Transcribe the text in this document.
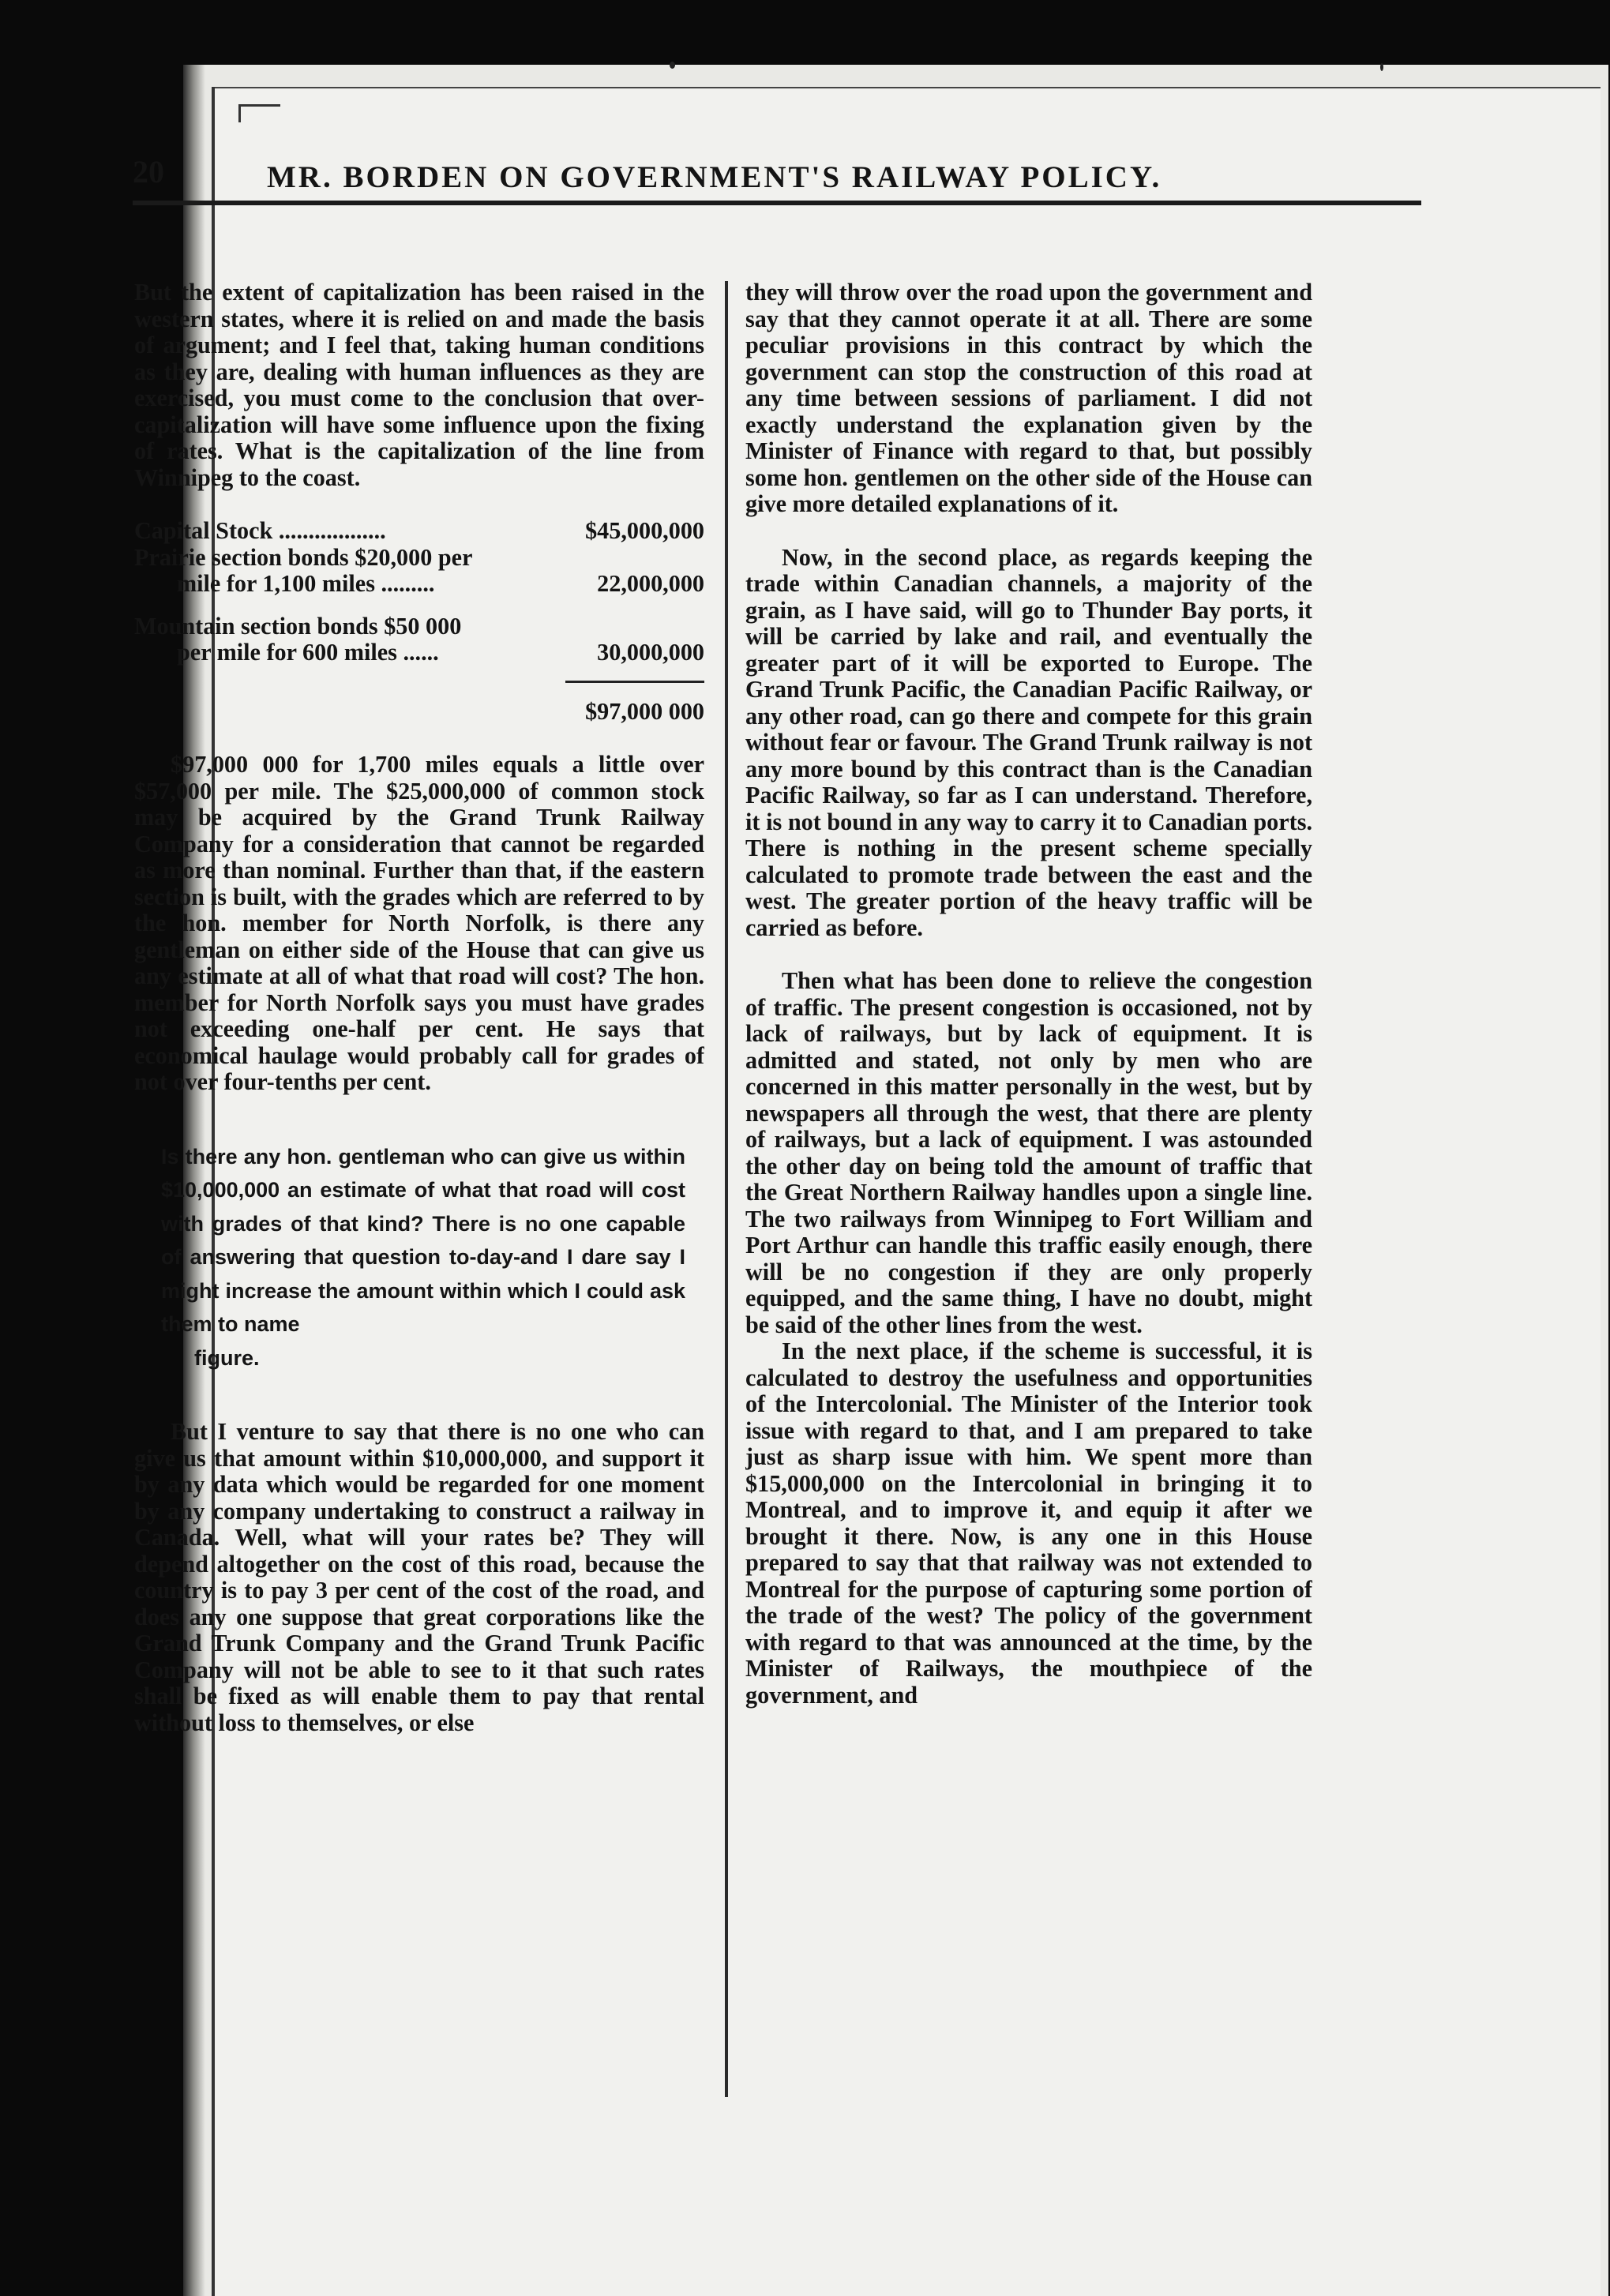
20	MR. BORDEN ON GOVERNMENT'S RAILWAY POLICY.

But the extent of capitalization has been raised in the western states, where it is relied on and made the basis of argument; and I feel that, taking human conditions as they are, dealing with human influences as they are exercised, you must come to the conclusion that over-capitalization will have some influence upon the fixing of rates. What is the capitalization of the line from Winnipeg to the coast.

Capital Stock ..................	$45,000,000
Prairie section bonds $20,000 per	
mile for 1,100 miles .........	22,000,000

Mountain section bonds $50 000	
per mile for 600 miles ......	30,000,000
$97,000 000

$97,000 000 for 1,700 miles equals a little over $57,000 per mile. The $25,000,000 of common stock may be acquired by the Grand Trunk Railway Company for a consideration that cannot be regarded as more than nominal. Further than that, if the eastern section is built, with the grades which are referred to by the hon. member for North Norfolk, is there any gentleman on either side of the House that can give us any estimate at all of what that road will cost? The hon. member for North Norfolk says you must have grades not exceeding one-half per cent. He says that economical haulage would probably call for grades of not over four-tenths per cent.

Is there any hon. gentleman who can give us within $10,000,000 an estimate of what that road will cost with grades of that kind? There is no one capable of answering that question to-day-and I dare say I might increase the amount within which I could ask them to name
figure.

But I venture to say that there is no one who can give us that amount within $10,000,000, and support it by any data which would be regarded for one moment by any company undertaking to construct a railway in Canada. Well, what will your rates be? They will depend altogether on the cost of this road, because the country is to pay 3 per cent of the cost of the road, and does any one suppose that great corporations like the Grand Trunk Company and the Grand Trunk Pacific Company will not be able to see to it that such rates shall be fixed as will enable them to pay that rental without loss to themselves, or else

they will throw over the road upon the government and say that they cannot operate it at all. There are some peculiar provisions in this contract by which the government can stop the construction of this road at any time between sessions of parliament. I did not exactly understand the explanation given by the Minister of Finance with regard to that, but possibly some hon. gentlemen on the other side of the House can give more detailed explanations of it.

Now, in the second place, as regards keeping the trade within Canadian channels, a majority of the grain, as I have said, will go to Thunder Bay ports, it will be carried by lake and rail, and eventually the greater part of it will be exported to Europe. The Grand Trunk Pacific, the Canadian Pacific Railway, or any other road, can go there and compete for this grain without fear or favour. The Grand Trunk railway is not any more bound by this contract than is the Canadian Pacific Railway, so far as I can understand. Therefore, it is not bound in any way to carry it to Canadian ports. There is nothing in the present scheme specially calculated to promote trade between the east and the west. The greater portion of the heavy traffic will be carried as before.

Then what has been done to relieve the congestion of traffic. The present congestion is occasioned, not by lack of railways, but by lack of equipment. It is admitted and stated, not only by men who are concerned in this matter personally in the west, but by newspapers all through the west, that there are plenty of railways, but a lack of equipment. I was astounded the other day on being told the amount of traffic that the Great Northern Railway handles upon a single line. The two railways from Winnipeg to Fort William and Port Arthur can handle this traffic easily enough, there will be no congestion if they are only properly equipped, and the same thing, I have no doubt, might be said of the other lines from the west.

In the next place, if the scheme is successful, it is calculated to destroy the usefulness and opportunities of the Intercolonial. The Minister of the Interior took issue with regard to that, and I am prepared to take just as sharp issue with him. We spent more than $15,000,000 on the Intercolonial in bringing it to Montreal, and to improve it, and equip it after we brought it there. Now, is any one in this House prepared to say that that railway was not extended to Montreal for the purpose of capturing some portion of the trade of the west? The policy of the government with regard to that was announced at the time, by the Minister of Railways, the mouthpiece of the government, and
